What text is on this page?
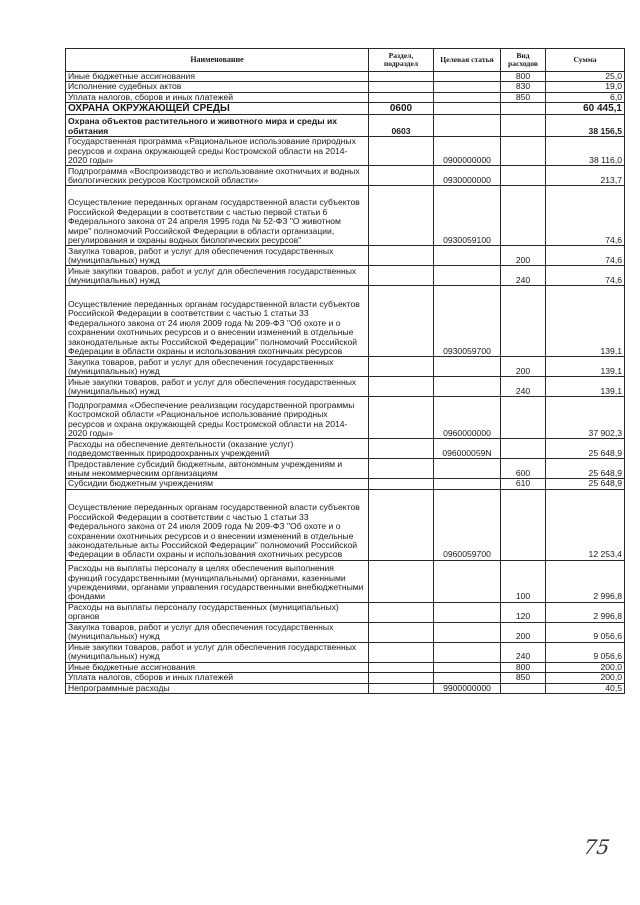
Наименование	Раздел, подраздел	Целевая статья	Вид расходов	Сумма
Иные бюджетные ассигнования			800	25,0
Исполнение судебных актов			830	19,0
Уплата налогов, сборов и иных платежей			850	6,0
ОХРАНА ОКРУЖАЮЩЕЙ СРЕДЫ	0600			60 445,1
Охрана объектов растительного и животного мира и среды их обитания	0603			38 156,5
Государственная программа «Рациональное использование природных ресурсов и охрана окружающей среды Костромской области на 2014-2020 годы»		0900000000		38 116,0
Подпрограмма «Воспроизводство и использование охотничьих и водных биологических ресурсов Костромской области»		0930000000		213,7
Осуществление переданных органам государственной власти субъектов Российской Федерации в соответствии с частью первой статьи 6 Федерального закона от 24 апреля 1995 года № 52-ФЗ "О животном мире" полномочий Российской Федерации в области организации, регулирования и охраны водных биологических ресурсов"		0930059100		74,6
Закупка товаров, работ и услуг для обеспечения государственных (муниципальных) нужд			200	74,6
Иные закупки товаров, работ и услуг для обеспечения государственных (муниципальных) нужд			240	74,6
Осуществление переданных органам государственной власти субъектов Российской Федерации в соответствии с частью 1 статьи 33 Федерального закона от 24 июля 2009 года № 209-ФЗ "Об охоте и о сохранении охотничьих ресурсов и о внесении изменений в отдельные законодательные акты Российской Федерации" полномочий Российской Федерации в области охраны и использования охотничьих ресурсов		0930059700		139,1
Закупка товаров, работ и услуг для обеспечения государственных (муниципальных) нужд			200	139,1
Иные закупки товаров, работ и услуг для обеспечения государственных (муниципальных) нужд			240	139,1
Подпрограмма «Обеспечение реализации государственной программы Костромской области «Рациональное использование природных ресурсов и охрана окружающей среды Костромской области на 2014-2020 годы»		0960000000		37 902,3
Расходы на обеспечение деятельности (оказание услуг) подведомственных природоохранных учреждений		096000059N		25 648,9
Предоставление субсидий бюджетным, автономным учреждениям и иным некоммерческим организациям			600	25 648,9
Субсидии бюджетным учреждениям			610	25 648,9
Осуществление переданных органам государственной власти субъектов Российской Федерации в соответствии с частью 1 статьи 33 Федерального закона от 24 июля 2009 года № 209-ФЗ "Об охоте и о сохранении охотничьих ресурсов и о внесении изменений в отдельные законодательные акты Российской Федерации" полномочий Российской Федерации в области охраны и использования охотничьих ресурсов		0960059700		12 253,4
Расходы на выплаты персоналу в целях обеспечения выполнения функций государственными (муниципальными) органами, казенными учреждениями, органами управления государственными внебюджетными фондами			100	2 996,8
Расходы на выплаты персоналу государственных (муниципальных) органов			120	2 996,8
Закупка товаров, работ и услуг для обеспечения государственных (муниципальных) нужд			200	9 056,6
Иные закупки товаров, работ и услуг для обеспечения государственных (муниципальных) нужд			240	9 056,6
Иные бюджетные ассигнования			800	200,0
Уплата налогов, сборов и иных платежей			850	200,0
Непрограммные расходы		9900000000		40,5
75
